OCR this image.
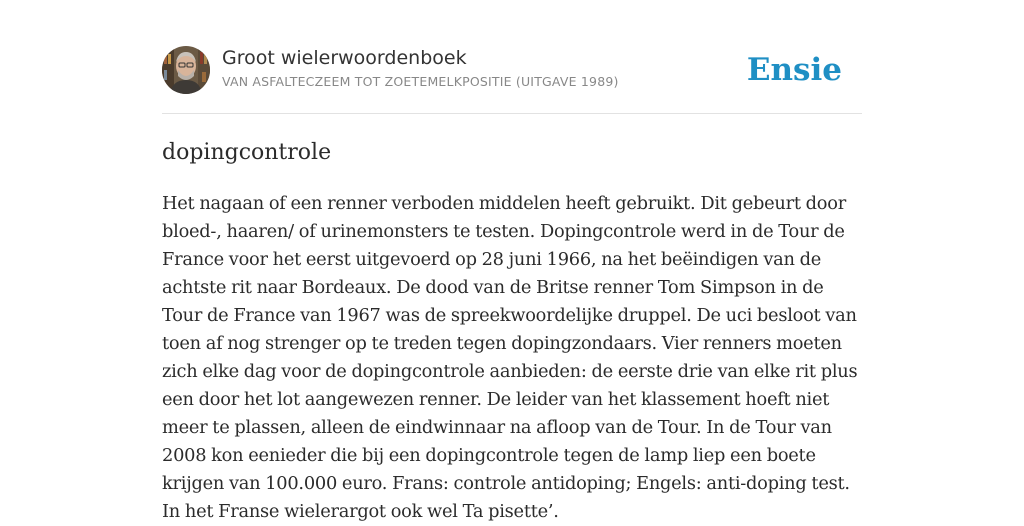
Groot wielerwoordenboek
VAN ASFALTECZEEM TOT ZOETEMELKPOSITIE (UITGAVE 1989)	Ensie
dopingcontrole

Het nagaan of een renner verboden middelen heeft gebruikt. Dit gebeurt door bloed-, haaren/ of urinemonsters te testen. Dopingcontrole werd in de Tour de France voor het eerst uitgevoerd op 28 juni 1966, na het beëindigen van de achtste rit naar Bordeaux. De dood van de Britse renner Tom Simpson in de Tour de France van 1967 was de spreekwoordelijke druppel. De uci besloot van toen af nog strenger op te treden tegen dopingzondaars. Vier renners moeten zich elke dag voor de dopingcontrole aanbieden: de eerste drie van elke rit plus een door het lot aangewezen renner. De leider van het klassement hoeft niet meer te plassen, alleen de eindwinnaar na afloop van de Tour. In de Tour van 2008 kon eenieder die bij een dopingcontrole tegen de lamp liep een boete krijgen van 100.000 euro. Frans: controle antidoping; Engels: anti-doping test. In het Franse wielerargot ook wel Ta pisette’.
